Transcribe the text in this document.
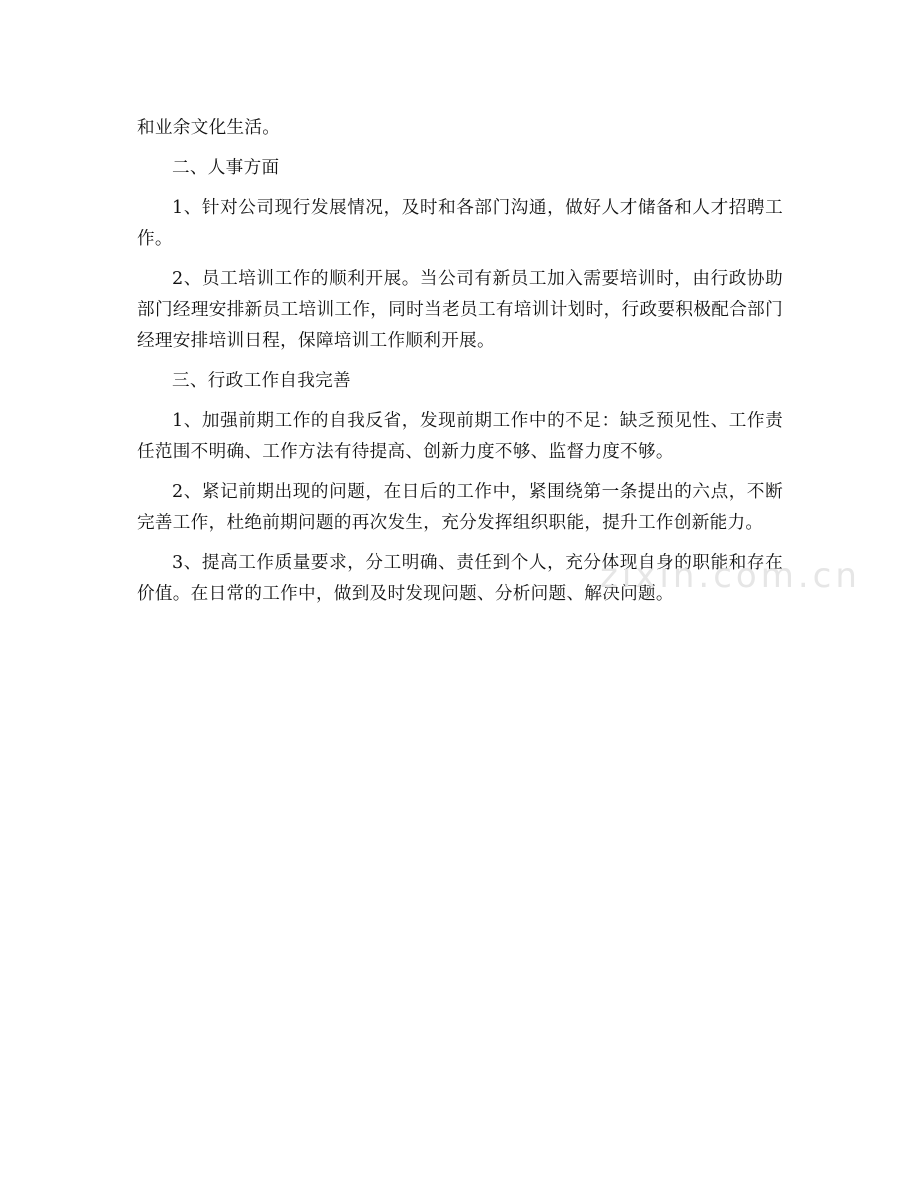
和业余文化生活。

二、人事方面

1、针对公司现行发展情况，及时和各部门沟通，做好人才储备和人才招聘工作。

2、员工培训工作的顺利开展。当公司有新员工加入需要培训时，由行政协助部门经理安排新员工培训工作，同时当老员工有培训计划时，行政要积极配合部门经理安排培训日程，保障培训工作顺利开展。

三、行政工作自我完善

1、加强前期工作的自我反省，发现前期工作中的不足：缺乏预见性、工作责任范围不明确、工作方法有待提高、创新力度不够、监督力度不够。

2、紧记前期出现的问题，在日后的工作中，紧围绕第一条提出的六点，不断完善工作，杜绝前期问题的再次发生，充分发挥组织职能，提升工作创新能力。

3、提高工作质量要求，分工明确、责任到个人，充分体现自身的职能和存在价值。在日常的工作中，做到及时发现问题、分析问题、解决问题。

zixin.com.cn
